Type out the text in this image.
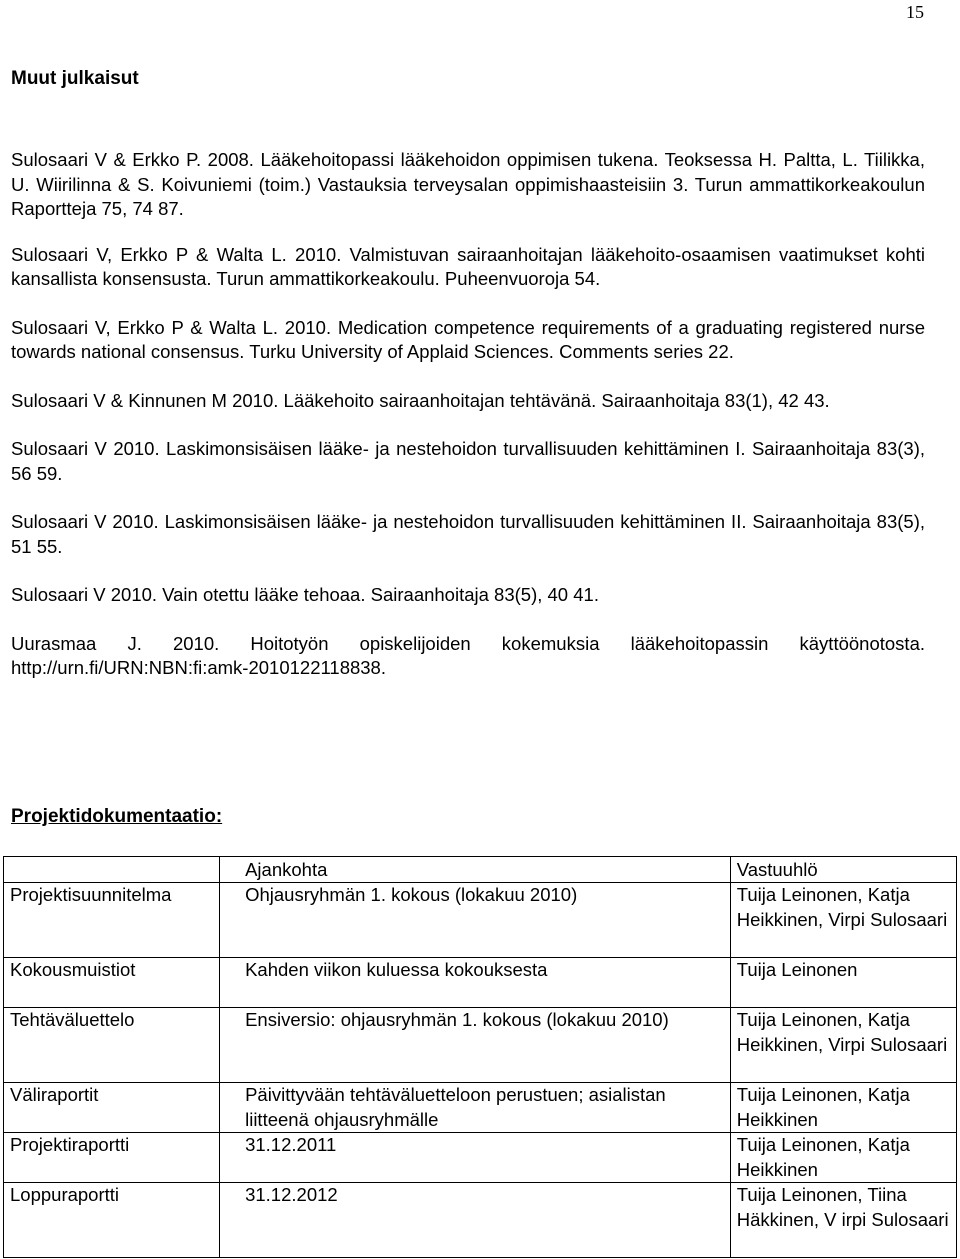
15
Muut julkaisut

Sulosaari V & Erkko P. 2008. Lääkehoitopassi lääkehoidon oppimisen tukena. Teoksessa H. Paltta, L. Tiilikka, U. Wiirilinna & S. Koivuniemi (toim.) Vastauksia terveysalan oppimishaasteisiin 3. Turun ammattikorkeakoulun Raportteja 75, 74 87.

Sulosaari V, Erkko P & Walta L. 2010. Valmistuvan sairaanhoitajan lääkehoito-osaamisen vaatimukset kohti kansallista konsensusta. Turun ammattikorkeakoulu. Puheenvuoroja 54.

Sulosaari V, Erkko P & Walta L. 2010. Medication competence requirements of a graduating registered nurse towards national consensus. Turku University of Applaid Sciences. Comments series 22.

Sulosaari V & Kinnunen M 2010. Lääkehoito sairaanhoitajan tehtävänä. Sairaanhoitaja 83(1), 42 43.

Sulosaari V 2010. Laskimonsisäisen lääke- ja nestehoidon turvallisuuden kehittäminen I. Sairaanhoitaja 83(3), 56 59.

Sulosaari V 2010. Laskimonsisäisen lääke- ja nestehoidon turvallisuuden kehittäminen II. Sairaanhoitaja 83(5), 51 55.

Sulosaari V 2010. Vain otettu lääke tehoaa. Sairaanhoitaja 83(5), 40 41.

Uurasmaa J. 2010. Hoitotyön opiskelijoiden kokemuksia lääkehoitopassin käyttöönotosta. http://urn.fi/URN:NBN:fi:amk-2010122118838.

Projektidokumentaatio:
	Ajankohta	Vastuuhlö
Projektisuunnitelma	Ohjausryhmän 1. kokous (lokakuu 2010)	Tuija Leinonen, Katja Heikkinen, Virpi Sulosaari
Kokousmuistiot	Kahden viikon kuluessa kokouksesta	Tuija Leinonen
Tehtäväluettelo	Ensiversio: ohjausryhmän 1. kokous (lokakuu 2010)	Tuija Leinonen, Katja Heikkinen, Virpi Sulosaari
Väliraportit	Päivittyvään tehtäväluetteloon perustuen; asialistan liitteenä ohjausryhmälle	Tuija Leinonen, Katja Heikkinen
Projektiraportti	31.12.2011	Tuija Leinonen, Katja Heikkinen
Loppuraportti	31.12.2012	Tuija Leinonen, Tiina Häkkinen, V irpi Sulosaari
